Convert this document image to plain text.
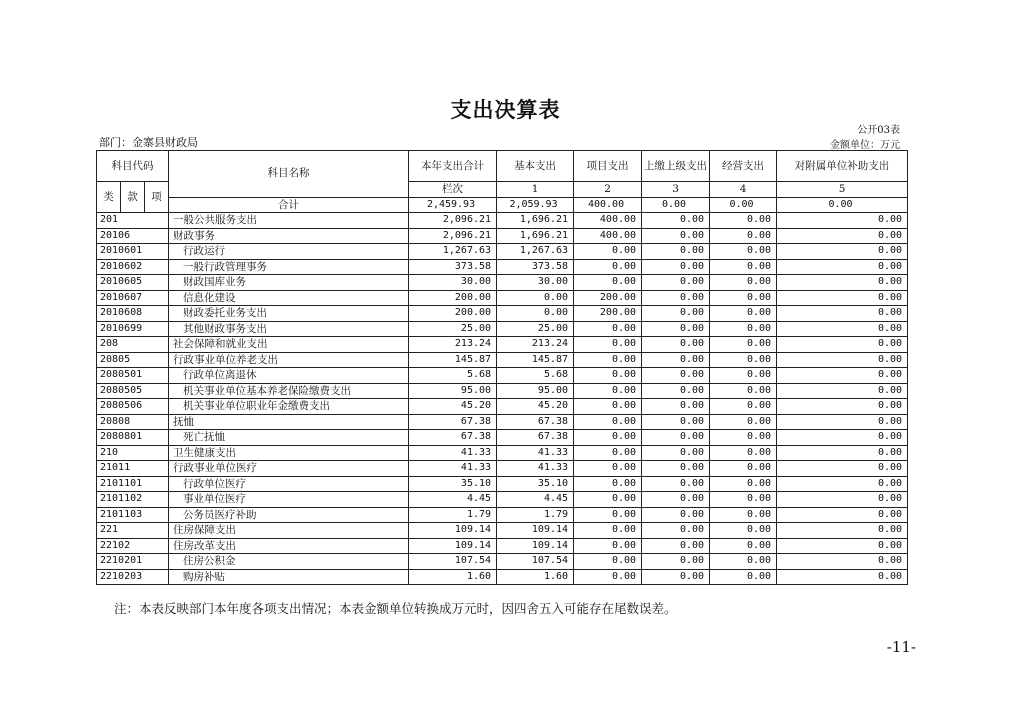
支出决算表
公开03表
部门：金寨县财政局	金额单位：万元
科目代码			科目名称	本年支出合计	基本支出	项目支出	上缴上级支出	经营支出	对附属单位补助支出	
类	款	项		栏次	1	2	3	4	5	
			合计	2,459.93	2,059.93	400.00	0.00	0.00	0.00	
201			一般公共服务支出	2,096.21	1,696.21	400.00	0.00	0.00	0.00	
20106			财政事务	2,096.21	1,696.21	400.00	0.00	0.00	0.00	
2010601			行政运行	1,267.63	1,267.63	0.00	0.00	0.00	0.00	
2010602			一般行政管理事务	373.58	373.58	0.00	0.00	0.00	0.00	
2010605			财政国库业务	30.00	30.00	0.00	0.00	0.00	0.00	
2010607			信息化建设	200.00	0.00	200.00	0.00	0.00	0.00	
2010608			财政委托业务支出	200.00	0.00	200.00	0.00	0.00	0.00	
2010699			其他财政事务支出	25.00	25.00	0.00	0.00	0.00	0.00	
208			社会保障和就业支出	213.24	213.24	0.00	0.00	0.00	0.00	
20805			行政事业单位养老支出	145.87	145.87	0.00	0.00	0.00	0.00	
2080501			行政单位离退休	5.68	5.68	0.00	0.00	0.00	0.00	
2080505			机关事业单位基本养老保险缴费支出	95.00	95.00	0.00	0.00	0.00	0.00	
2080506			机关事业单位职业年金缴费支出	45.20	45.20	0.00	0.00	0.00	0.00	
20808			抚恤	67.38	67.38	0.00	0.00	0.00	0.00	
2080801			死亡抚恤	67.38	67.38	0.00	0.00	0.00	0.00	
210			卫生健康支出	41.33	41.33	0.00	0.00	0.00	0.00	
21011			行政事业单位医疗	41.33	41.33	0.00	0.00	0.00	0.00	
2101101			行政单位医疗	35.10	35.10	0.00	0.00	0.00	0.00	
2101102			事业单位医疗	4.45	4.45	0.00	0.00	0.00	0.00	
2101103			公务员医疗补助	1.79	1.79	0.00	0.00	0.00	0.00	
221			住房保障支出	109.14	109.14	0.00	0.00	0.00	0.00	
22102			住房改革支出	109.14	109.14	0.00	0.00	0.00	0.00	
2210201			住房公积金	107.54	107.54	0.00	0.00	0.00	0.00	
2210203			购房补贴	1.60	1.60	0.00	0.00	0.00	0.00	
注：本表反映部门本年度各项支出情况；本表金额单位转换成万元时，因四舍五入可能存在尾数误差。
-11-
